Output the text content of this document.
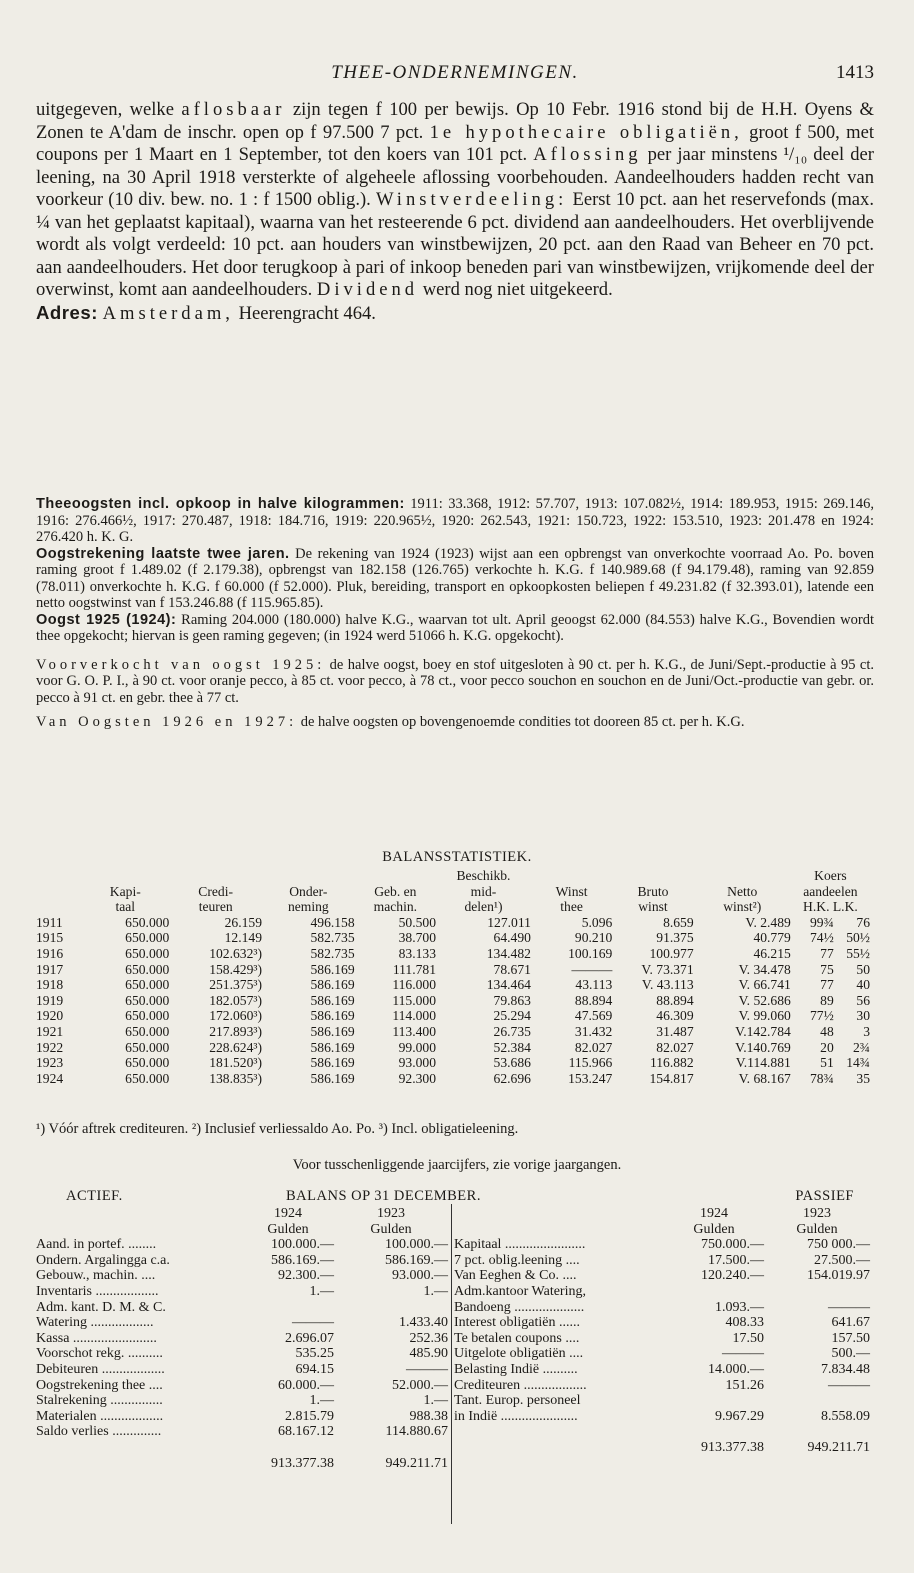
THEE-ONDERNEMINGEN.	1413

uitgegeven, welke aflosbaar zijn tegen f 100 per bewijs. Op 10 Febr. 1916 stond bij de H.H. Oyens & Zonen te A'dam de inschr. open op f 97.500 7 pct. 1e hypothecaire obligatiën, groot f 500, met coupons per 1 Maart en 1 September, tot den koers van 101 pct. Aflossing per jaar minstens ¹/₁₀ deel der leening, na 30 April 1918 versterkte of algeheele aflossing voorbehouden. Aandeelhouders hadden recht van voorkeur (10 div. bew. no. 1 : f 1500 oblig.). Winstverdeeling: Eerst 10 pct. aan het reservefonds (max. ¼ van het geplaatst kapitaal), waarna van het resteerende 6 pct. dividend aan aandeelhouders. Het overblijvende wordt als volgt verdeeld: 10 pct. aan houders van winstbewijzen, 20 pct. aan den Raad van Beheer en 70 pct. aan aandeelhouders. Het door terugkoop à pari of inkoop beneden pari van winstbewijzen, vrijkomende deel der overwinst, komt aan aandeelhouders. Dividend werd nog niet uitgekeerd.

Adres: Amsterdam, Heerengracht 464.

Theeoogsten incl. opkoop in halve kilogrammen: 1911: 33.368, 1912: 57.707, 1913: 107.082½, 1914: 189.953, 1915: 269.146, 1916: 276.466½, 1917: 270.487, 1918: 184.716, 1919: 220.965½, 1920: 262.543, 1921: 150.723, 1922: 153.510, 1923: 201.478 en 1924: 276.420 h. K. G.

Oogstrekening laatste twee jaren. De rekening van 1924 (1923) wijst aan een opbrengst van onverkochte voorraad Ao. Po. boven raming groot f 1.489.02 (f 2.179.38), opbrengst van 182.158 (126.765) verkochte h. K.G. f 140.989.68 (f 94.179.48), raming van 92.859 (78.011) onverkochte h. K.G. f 60.000 (f 52.000). Pluk, bereiding, transport en opkoopkosten beliepen f 49.231.82 (f 32.393.01), latende een netto oogstwinst van f 153.246.88 (f 115.965.85).

Oogst 1925 (1924): Raming 204.000 (180.000) halve K.G., waarvan tot ult. April geoogst 62.000 (84.553) halve K.G., Bovendien wordt thee opgekocht; hiervan is geen raming gegeven; (in 1924 werd 51066 h. K.G. opgekocht).

Voorverkocht van oogst 1925: de halve oogst, boey en stof uitgesloten à 90 ct. per h. K.G., de Juni/Sept.-productie à 95 ct. voor G. O. P. I., à 90 ct. voor oranje pecco, à 85 ct. voor pecco, à 78 ct., voor pecco souchon en souchon en de Juni/Oct.-productie van gebr. or. pecco à 91 ct. en gebr. thee à 77 ct.

Van Oogsten 1926 en 1927: de halve oogsten op bovengenoemde condities tot dooreen 85 ct. per h. K.G.

BALANSSTATISTIEK.
					Beschikb.				Koers	
	Kapi-	Credi-	Onder-	Geb. en	mid-	Winst	Bruto	Netto	aandeelen	
	taal	teuren	neming	machin.	delen¹)	thee	winst	winst²)	H.K. L.K.	
1911	650.000	26.159	496.158	50.500	127.011	5.096	8.659	V. 2.489	99¾	76
1915	650.000	12.149	582.735	38.700	64.490	90.210	91.375	40.779	74½	50½
1916	650.000	102.632³)	582.735	83.133	134.482	100.169	100.977	46.215	77	55½
1917	650.000	158.429³)	586.169	111.781	78.671	———	V. 73.371	V. 34.478	75	50
1918	650.000	251.375³)	586.169	116.000	134.464	43.113	V. 43.113	V. 66.741	77	40
1919	650.000	182.057³)	586.169	115.000	79.863	88.894	88.894	V. 52.686	89	56
1920	650.000	172.060³)	586.169	114.000	25.294	47.569	46.309	V. 99.060	77½	30
1921	650.000	217.893³)	586.169	113.400	26.735	31.432	31.487	V.142.784	48	3
1922	650.000	228.624³)	586.169	99.000	52.384	82.027	82.027	V.140.769	20	2¾
1923	650.000	181.520³)	586.169	93.000	53.686	115.966	116.882	V.114.881	51	14¾
1924	650.000	138.835³)	586.169	92.300	62.696	153.247	154.817	V. 68.167	78¾	35
¹) Vóór aftrek crediteuren. ²) Inclusief verliessaldo Ao. Po. ³) Incl. obligatieleening.
Voor tusschenliggende jaarcijfers, zie vorige jaargangen.
ACTIEF.	BALANS OP 31 DECEMBER.	PASSIEF
	1924	1923
	Gulden	Gulden
Aand. in portef. ........	100.000.—	100.000.—
Ondern. Argalingga c.a.	586.169.—	586.169.—
Gebouw., machin. ....	92.300.—	93.000.—
Inventaris ..................	1.—	1.—
Adm. kant. D. M. & C.		
Watering ..................	———	1.433.40
Kassa ........................	2.696.07	252.36
Voorschot rekg. ..........	535.25	485.90
Debiteuren ..................	694.15	———
Oogstrekening thee ....	60.000.—	52.000.—
Stalrekening ...............	1.—	1.—
Materialen ..................	2.815.79	988.38
Saldo verlies ..............	68.167.12	114.880.67

	913.377.38	949.211.71
	1924	1923
	Gulden	Gulden
Kapitaal .......................	750.000.—	750 000.—
7 pct. oblig.leening ....	17.500.—	27.500.—
Van Eeghen & Co. ....	120.240.—	154.019.97
Adm.kantoor Watering,		
Bandoeng ....................	1.093.—	———
Interest obligatiën ......	408.33	641.67
Te betalen coupons ....	17.50	157.50
Uitgelote obligatiën ....	———	500.—
Belasting Indië ..........	14.000.—	7.834.48
Crediteuren ..................	151.26	———
Tant. Europ. personeel		
in Indië ......................	9.967.29	8.558.09

	913.377.38	949.211.71
